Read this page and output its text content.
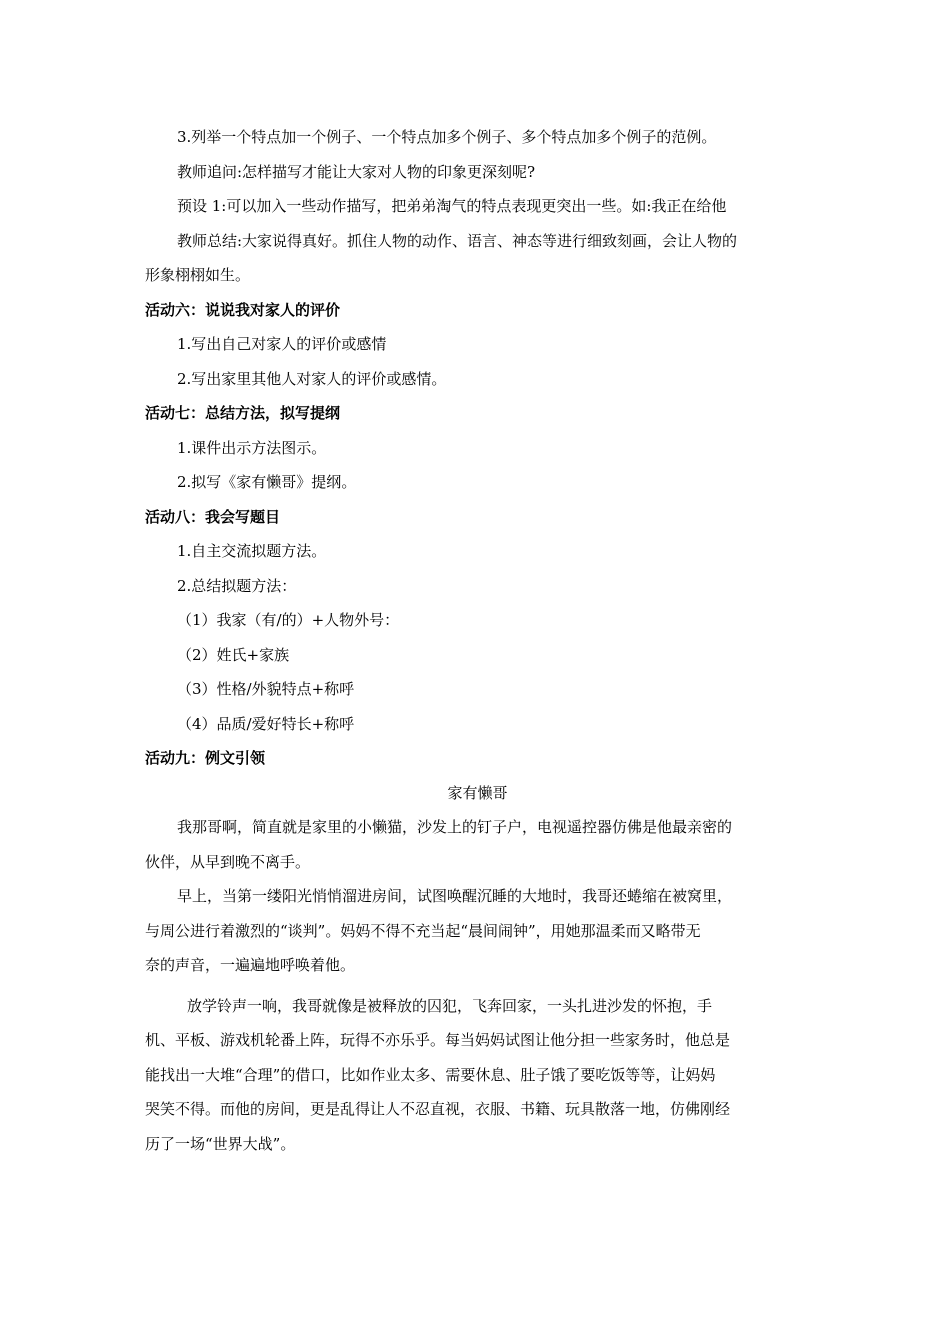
3.列举一个特点加一个例子、一个特点加多个例子、多个特点加多个例子的范例。
教师追问:怎样描写才能让大家对人物的印象更深刻呢?
预设 1:可以加入一些动作描写，把弟弟淘气的特点表现更突出一些。如:我正在给他
教师总结:大家说得真好。抓住人物的动作、语言、神态等进行细致刻画，会让人物的
形象栩栩如生。
活动六：说说我对家人的评价
1.写出自己对家人的评价或感情
2.写出家里其他人对家人的评价或感情。
活动七：总结方法，拟写提纲
1.课件出示方法图示。
2.拟写《家有懒哥》提纲。
活动八：我会写题目
1.自主交流拟题方法。
2.总结拟题方法：
（1）我家（有/的）+人物外号：
（2）姓氏+家族
（3）性格/外貌特点+称呼
（4）品质/爱好特长+称呼
活动九：例文引领
家有懒哥
我那哥啊，简直就是家里的小懒猫，沙发上的钉子户，电视遥控器仿佛是他最亲密的
伙伴，从早到晚不离手。
早上，当第一缕阳光悄悄溜进房间，试图唤醒沉睡的大地时，我哥还蜷缩在被窝里，
与周公进行着激烈的“谈判”。妈妈不得不充当起“晨间闹钟”，用她那温柔而又略带无
奈的声音，一遍遍地呼唤着他。
放学铃声一响，我哥就像是被释放的囚犯，飞奔回家，一头扎进沙发的怀抱，手
机、平板、游戏机轮番上阵，玩得不亦乐乎。每当妈妈试图让他分担一些家务时，他总是
能找出一大堆“合理”的借口，比如作业太多、需要休息、肚子饿了要吃饭等等，让妈妈
哭笑不得。而他的房间，更是乱得让人不忍直视，衣服、书籍、玩具散落一地，仿佛刚经
历了一场“世界大战”。
